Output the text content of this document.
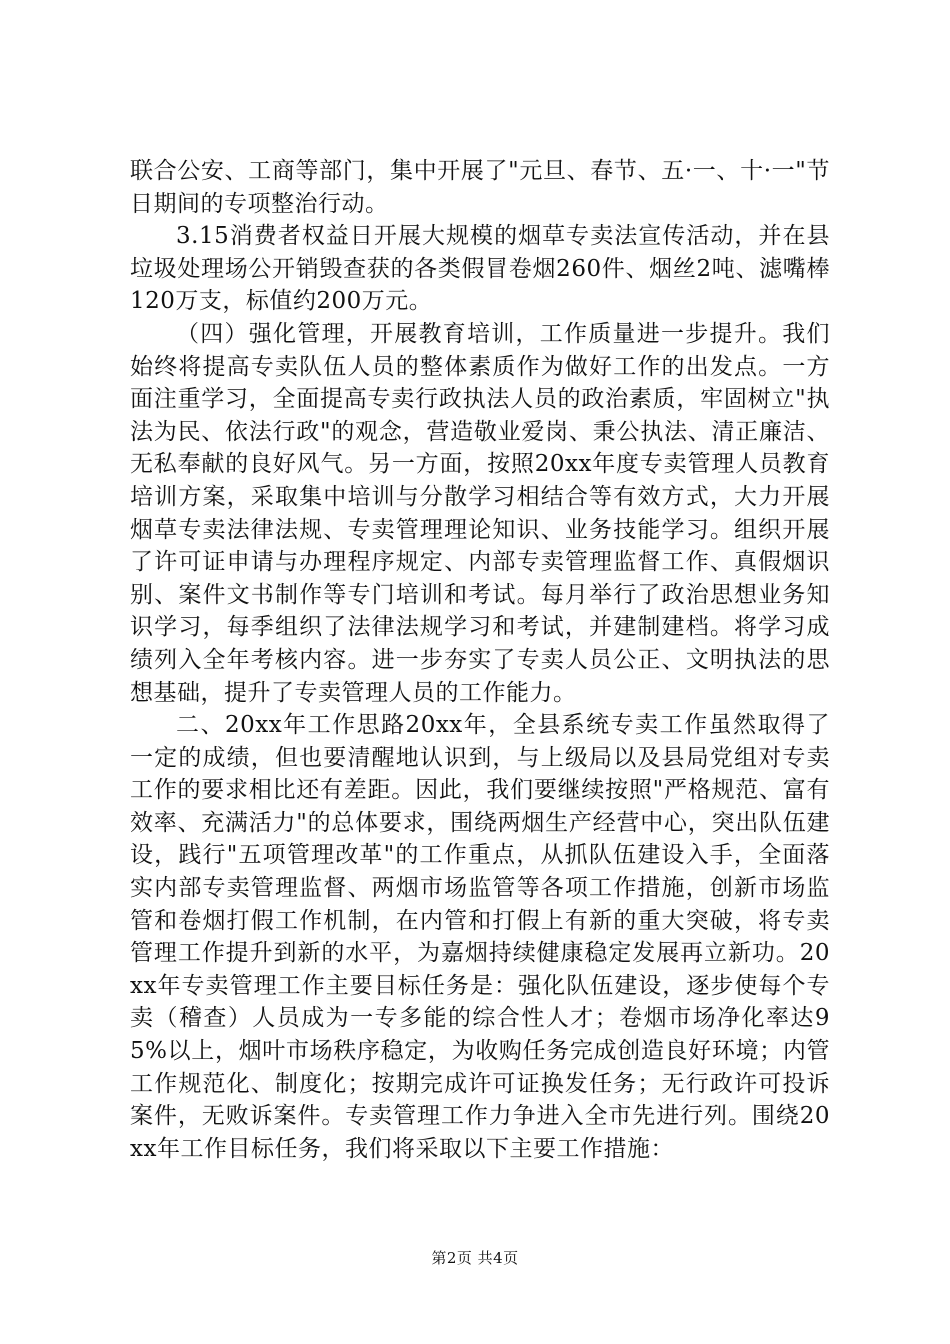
联合公安、工商等部门，集中开展了"元旦、春节、五·一、十·一"节日期间的专项整治行动。

3.15消费者权益日开展大规模的烟草专卖法宣传活动，并在县垃圾处理场公开销毁查获的各类假冒卷烟260件、烟丝2吨、滤嘴棒120万支，标值约200万元。

（四）强化管理，开展教育培训，工作质量进一步提升。我们始终将提高专卖队伍人员的整体素质作为做好工作的出发点。一方面注重学习，全面提高专卖行政执法人员的政治素质，牢固树立"执法为民、依法行政"的观念，营造敬业爱岗、秉公执法、清正廉洁、无私奉献的良好风气。另一方面，按照20xx年度专卖管理人员教育培训方案，采取集中培训与分散学习相结合等有效方式，大力开展烟草专卖法律法规、专卖管理理论知识、业务技能学习。组织开展了许可证申请与办理程序规定、内部专卖管理监督工作、真假烟识别、案件文书制作等专门培训和考试。每月举行了政治思想业务知识学习，每季组织了法律法规学习和考试，并建制建档。将学习成绩列入全年考核内容。进一步夯实了专卖人员公正、文明执法的思想基础，提升了专卖管理人员的工作能力。

二、20xx年工作思路20xx年，全县系统专卖工作虽然取得了一定的成绩，但也要清醒地认识到，与上级局以及县局党组对专卖工作的要求相比还有差距。因此，我们要继续按照"严格规范、富有效率、充满活力"的总体要求，围绕两烟生产经营中心，突出队伍建设，践行"五项管理改革"的工作重点，从抓队伍建设入手，全面落实内部专卖管理监督、两烟市场监管等各项工作措施，创新市场监管和卷烟打假工作机制，在内管和打假上有新的重大突破，将专卖管理工作提升到新的水平，为嘉烟持续健康稳定发展再立新功。20xx年专卖管理工作主要目标任务是：强化队伍建设，逐步使每个专卖（稽查）人员成为一专多能的综合性人才；卷烟市场净化率达95%以上，烟叶市场秩序稳定，为收购任务完成创造良好环境；内管工作规范化、制度化；按期完成许可证换发任务；无行政许可投诉案件，无败诉案件。专卖管理工作力争进入全市先进行列。围绕20xx年工作目标任务，我们将采取以下主要工作措施：

第2页 共4页
